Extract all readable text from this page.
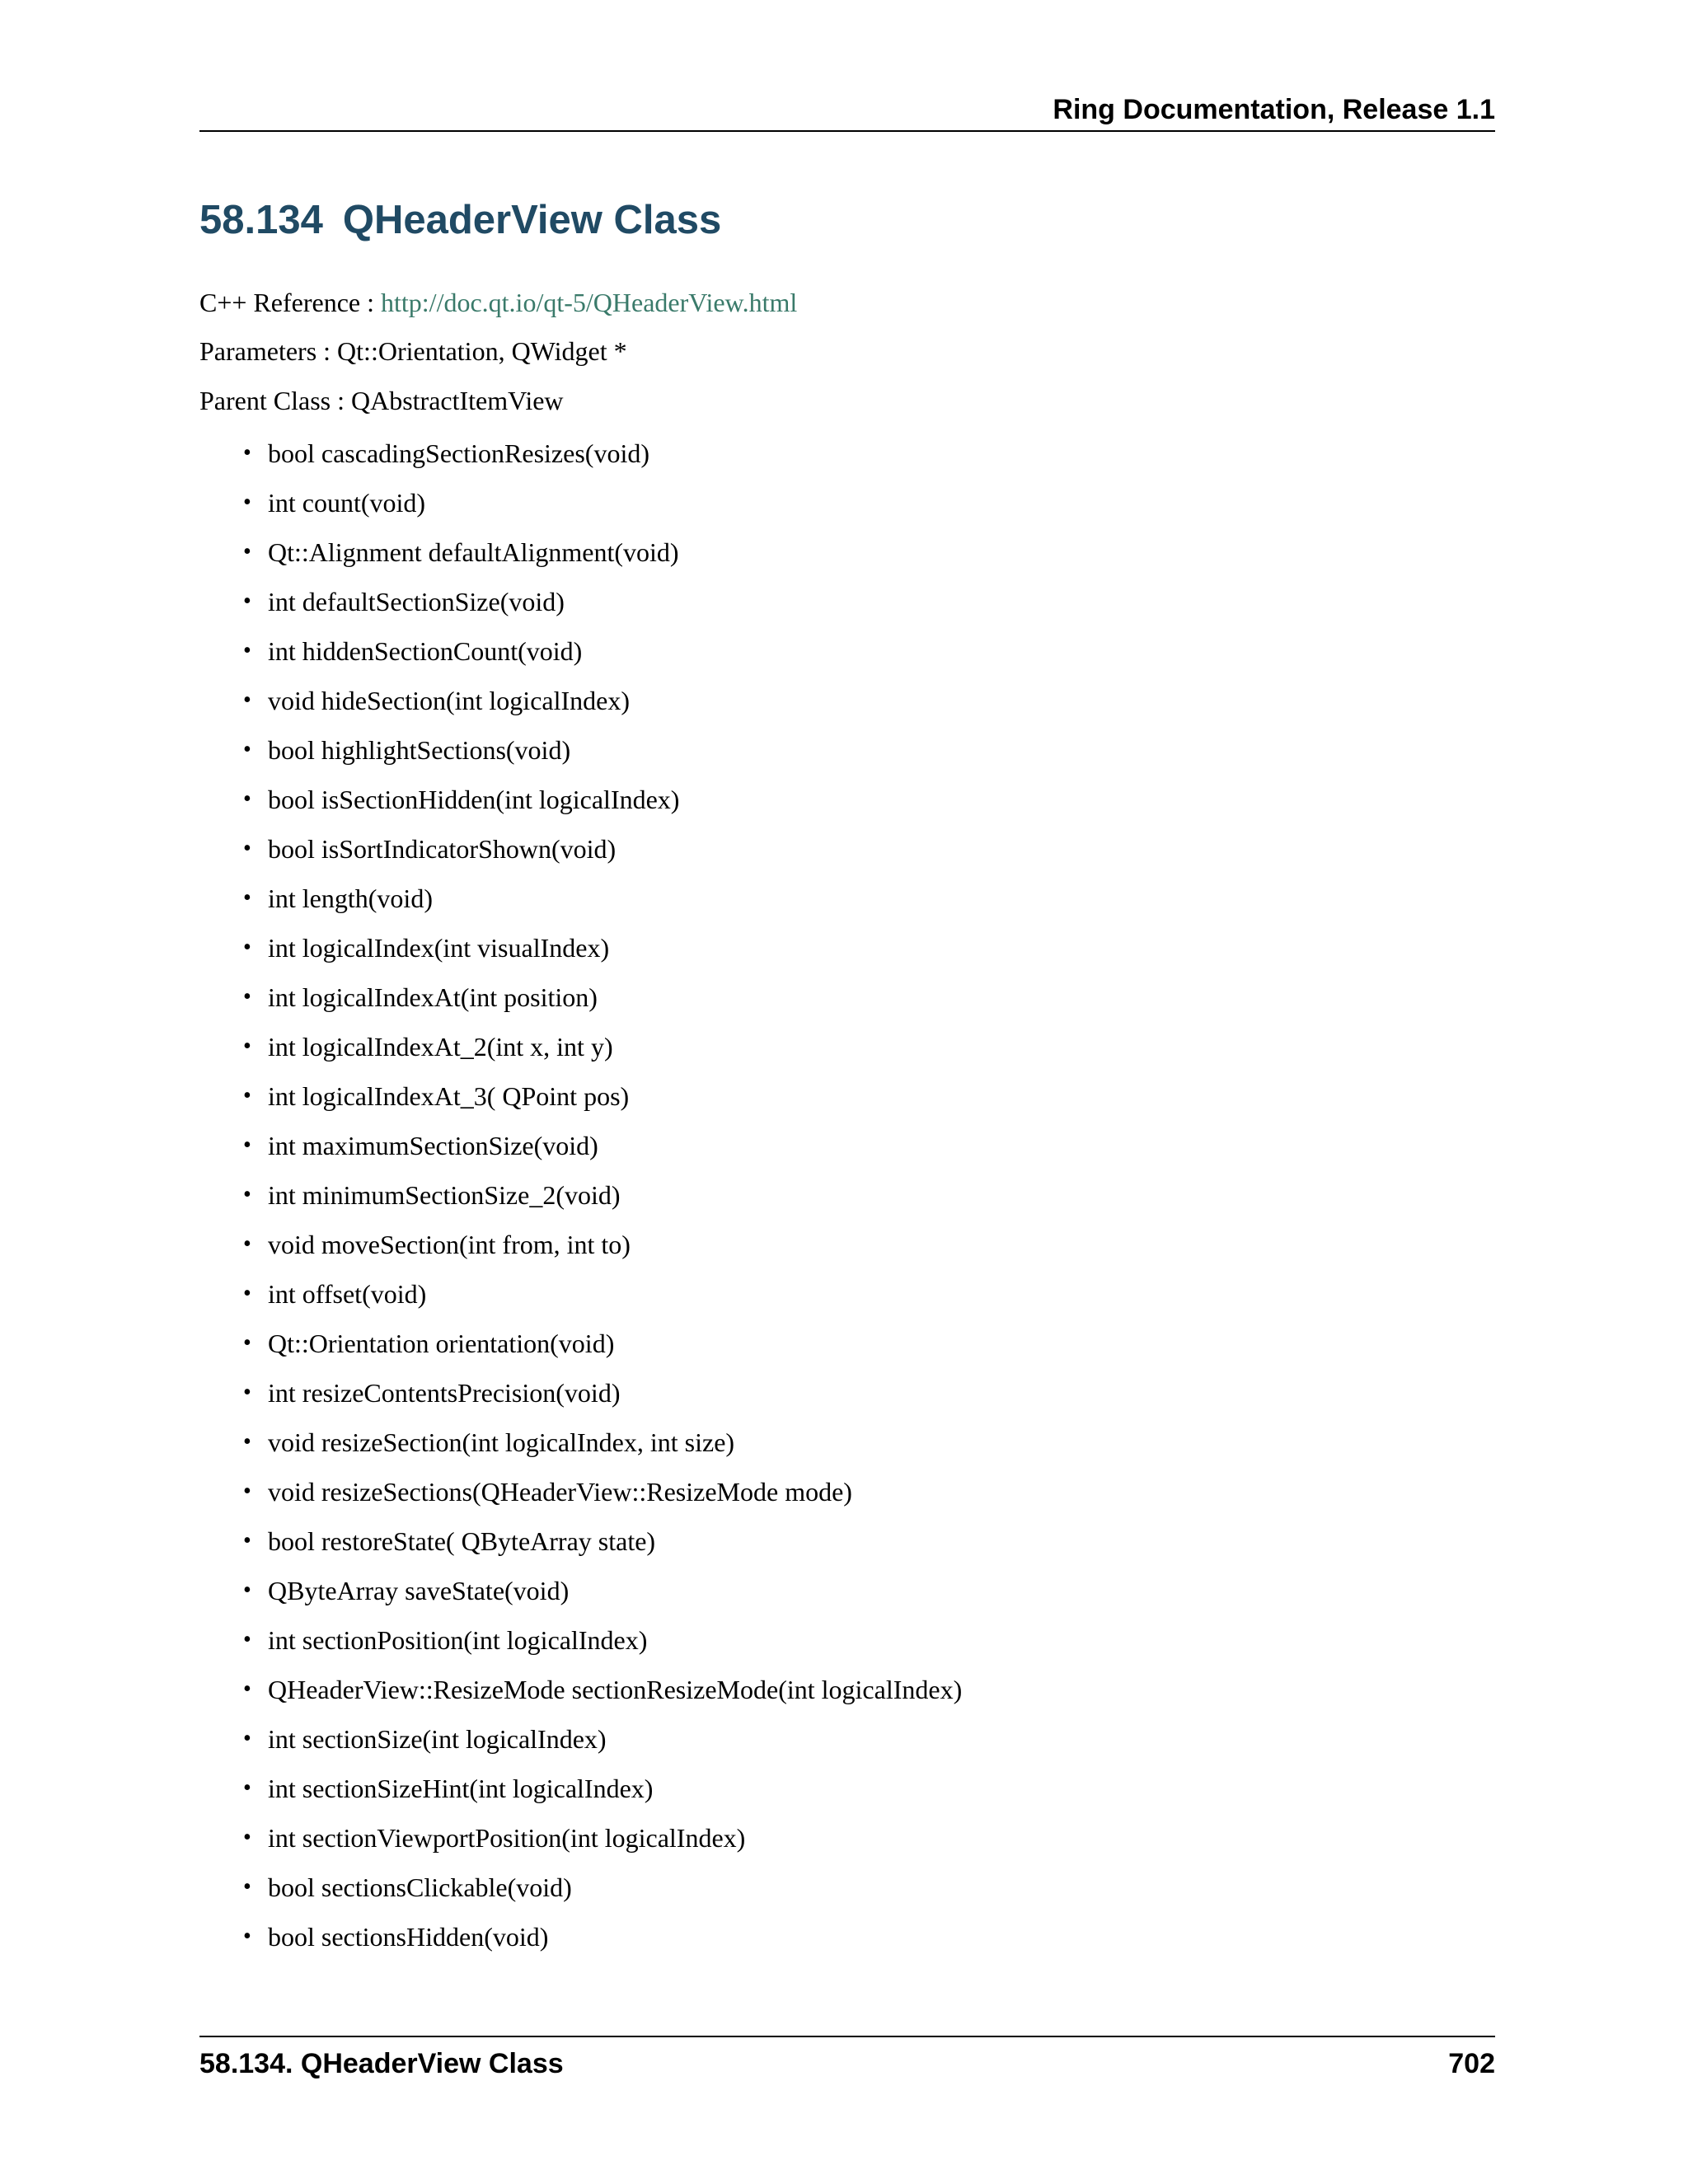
Ring Documentation, Release 1.1
58.134 QHeaderView Class
C++ Reference : http://doc.qt.io/qt-5/QHeaderView.html
Parameters : Qt::Orientation, QWidget *
Parent Class : QAbstractItemView
• bool cascadingSectionResizes(void)
• int count(void)
• Qt::Alignment defaultAlignment(void)
• int defaultSectionSize(void)
• int hiddenSectionCount(void)
• void hideSection(int logicalIndex)
• bool highlightSections(void)
• bool isSectionHidden(int logicalIndex)
• bool isSortIndicatorShown(void)
• int length(void)
• int logicalIndex(int visualIndex)
• int logicalIndexAt(int position)
• int logicalIndexAt_2(int x, int y)
• int logicalIndexAt_3( QPoint pos)
• int maximumSectionSize(void)
• int minimumSectionSize_2(void)
• void moveSection(int from, int to)
• int offset(void)
• Qt::Orientation orientation(void)
• int resizeContentsPrecision(void)
• void resizeSection(int logicalIndex, int size)
• void resizeSections(QHeaderView::ResizeMode mode)
• bool restoreState( QByteArray state)
• QByteArray saveState(void)
• int sectionPosition(int logicalIndex)
• QHeaderView::ResizeMode sectionResizeMode(int logicalIndex)
• int sectionSize(int logicalIndex)
• int sectionSizeHint(int logicalIndex)
• int sectionViewportPosition(int logicalIndex)
• bool sectionsClickable(void)
• bool sectionsHidden(void)
58.134. QHeaderView Class	702
